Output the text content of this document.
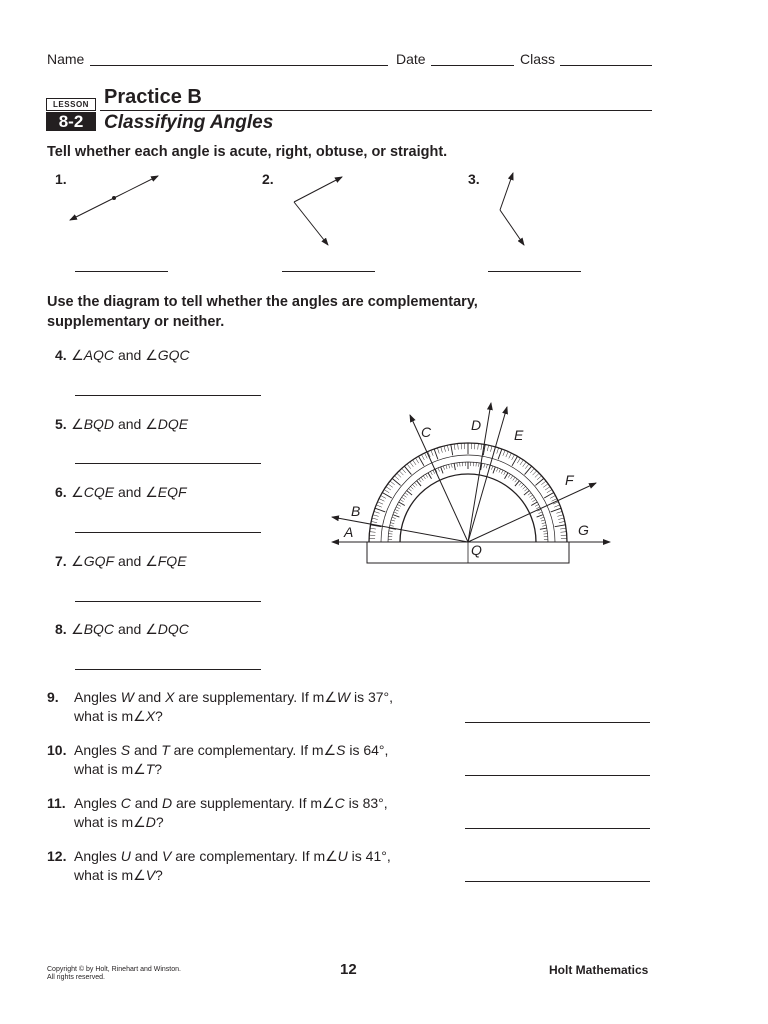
Name	Date	Class
LESSON
8-2
Practice B
Classifying Angles
Tell whether each angle is acute, right, obtuse, or straight.
1.	2.	3.
Use the diagram to tell whether the angles are complementary,
supplementary or neither.
4. ∠AQC and ∠GQC
5. ∠BQD and ∠DQE
6. ∠CQE and ∠EQF
7. ∠GQF and ∠FQE
8. ∠BQC and ∠DQC
A
B
C	D
E
F
G
Q
9. Angles W and X are supplementary. If m∠W is 37°,
what is m∠X?
10. Angles S and T are complementary. If m∠S is 64°,
what is m∠T?
11. Angles C and D are supplementary. If m∠C is 83°,
what is m∠D?
12. Angles U and V are complementary. If m∠U is 41°,
what is m∠V?
Copyright © by Holt, Rinehart and Winston.
All rights reserved.	12	Holt Mathematics
